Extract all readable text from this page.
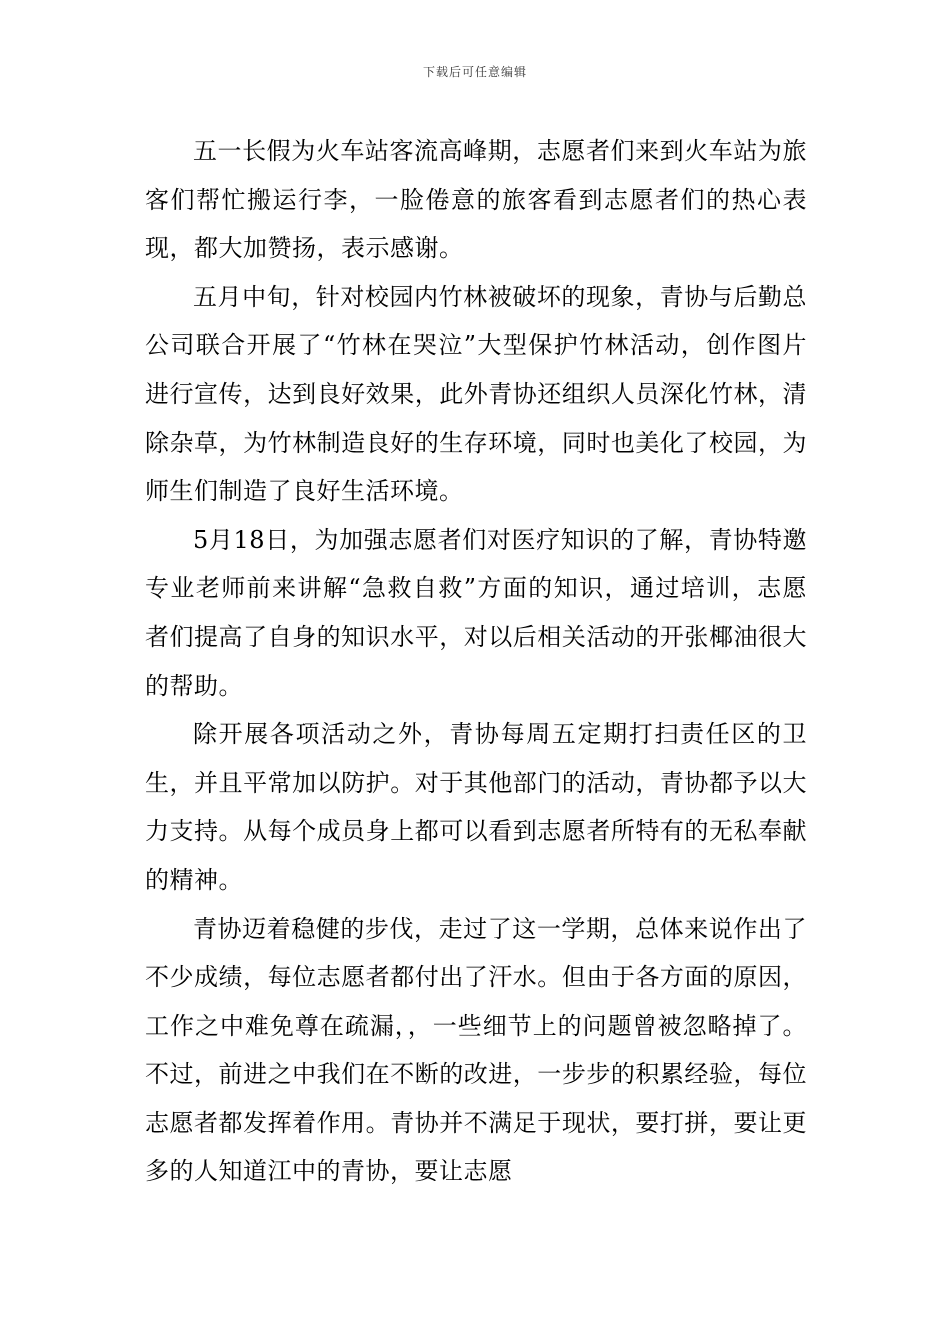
下载后可任意编辑

五一长假为火车站客流高峰期，志愿者们来到火车站为旅客们帮忙搬运行李，一脸倦意的旅客看到志愿者们的热心表现，都大加赞扬，表示感谢。

五月中旬，针对校园内竹林被破坏的现象，青协与后勤总公司联合开展了“竹林在哭泣”大型保护竹林活动，创作图片进行宣传，达到良好效果，此外青协还组织人员深化竹林，清除杂草，为竹林制造良好的生存环境，同时也美化了校园，为师生们制造了良好生活环境。

5月18日，为加强志愿者们对医疗知识的了解，青协特邀专业老师前来讲解“急救自救”方面的知识，通过培训，志愿者们提高了自身的知识水平，对以后相关活动的开张椰油很大的帮助。

除开展各项活动之外，青协每周五定期打扫责任区的卫生，并且平常加以防护。对于其他部门的活动，青协都予以大力支持。从每个成员身上都可以看到志愿者所特有的无私奉献的精神。

青协迈着稳健的步伐，走过了这一学期，总体来说作出了不少成绩，每位志愿者都付出了汗水。但由于各方面的原因，工作之中难免尊在疏漏，，一些细节上的问题曾被忽略掉了。不过，前进之中我们在不断的改进，一步步的积累经验，每位志愿者都发挥着作用。青协并不满足于现状，要打拼，要让更多的人知道江中的青协，要让志愿
